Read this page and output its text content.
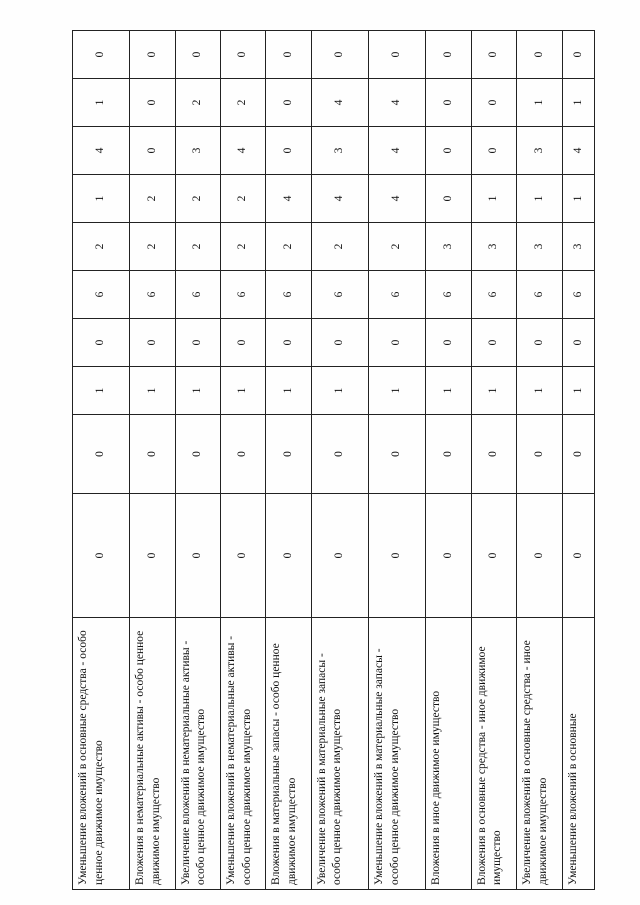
Уменьшение вложений в основные средства - особо ценное движимое имущество	0	0	1	0	6	2	1	4	1	0
Вложения в нематериальные активы - особо ценное движимое имущество	0	0	1	0	6	2	2	0	0	0
Увеличение вложений в нематериальные активы - особо ценное движимое имущество	0	0	1	0	6	2	2	3	2	0
Уменьшение вложений в нематериальные активы - особо ценное движимое имущество	0	0	1	0	6	2	2	4	2	0
Вложения в материальные запасы - особо ценное движимое имущество	0	0	1	0	6	2	4	0	0	0
Увеличение вложений в материальные запасы - особо ценное движимое имущество	0	0	1	0	6	2	4	3	4	0
Уменьшение вложений в материальные запасы - особо ценное движимое имущество	0	0	1	0	6	2	4	4	4	0
Вложения в иное движимое имущество	0	0	1	0	6	3	0	0	0	0
Вложения в основные средства - иное движимое имущество	0	0	1	0	6	3	1	0	0	0
Увеличение вложений в основные средства - иное движимое имущество	0	0	1	0	6	3	1	3	1	0
Уменьшение вложений в основные	0	0	1	0	6	3	1	4	1	0
